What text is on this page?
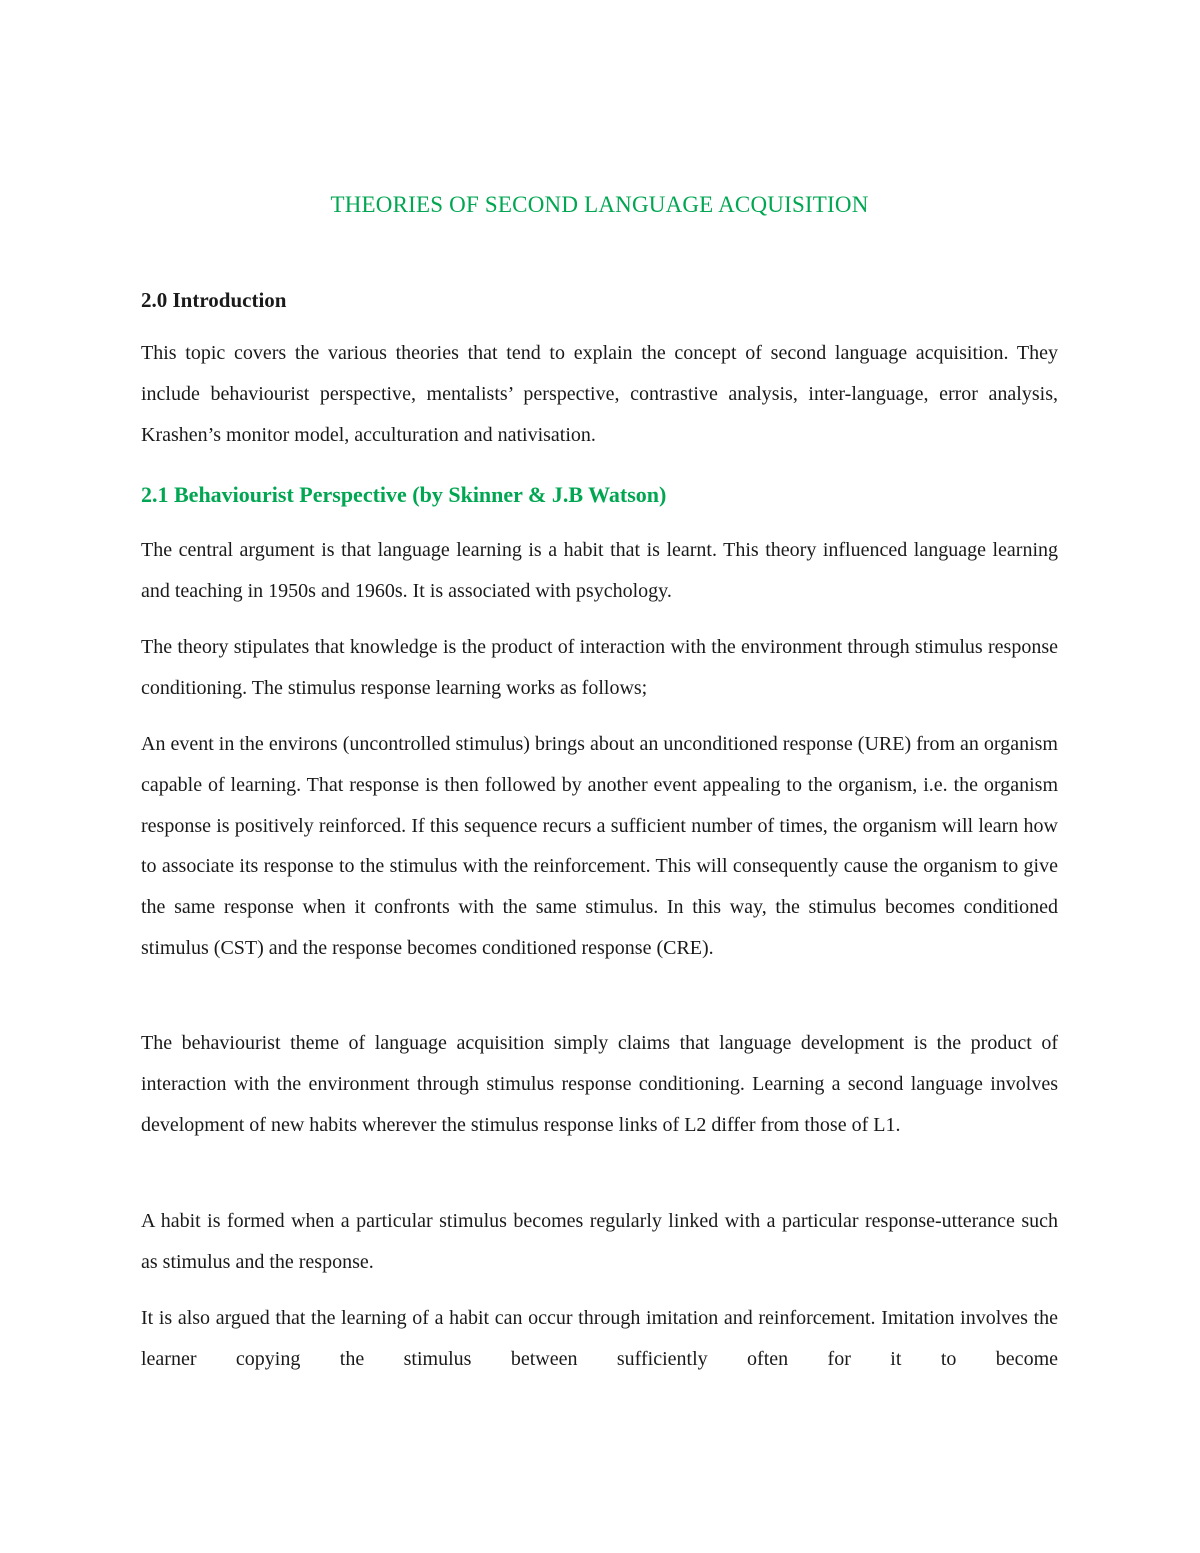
THEORIES OF SECOND LANGUAGE ACQUISITION
2.0 Introduction

This topic covers the various theories that tend to explain the concept of second language acquisition. They include behaviourist perspective, mentalists’ perspective, contrastive analysis, inter-language, error analysis, Krashen’s monitor model, acculturation and nativisation.

2.1 Behaviourist Perspective (by Skinner & J.B Watson)

The central argument is that language learning is a habit that is learnt. This theory influenced language learning and teaching in 1950s and 1960s. It is associated with psychology.

The theory stipulates that knowledge is the product of interaction with the environment through stimulus response conditioning. The stimulus response learning works as follows;

An event in the environs (uncontrolled stimulus) brings about an unconditioned response (URE) from an organism capable of learning. That response is then followed by another event appealing to the organism, i.e. the organism response is positively reinforced. If this sequence recurs a sufficient number of times, the organism will learn how to associate its response to the stimulus with the reinforcement. This will consequently cause the organism to give the same response when it confronts with the same stimulus. In this way, the stimulus becomes conditioned stimulus (CST) and the response becomes conditioned response (CRE).

The behaviourist theme of language acquisition simply claims that language development is the product of interaction with the environment through stimulus response conditioning. Learning a second language involves development of new habits wherever the stimulus response links of L2 differ from those of L1.

A habit is formed when a particular stimulus becomes regularly linked with a particular response-utterance such as stimulus and the response.

It is also argued that the learning of a habit can occur through imitation and reinforcement. Imitation involves the learner copying the stimulus between sufficiently often for it to become
